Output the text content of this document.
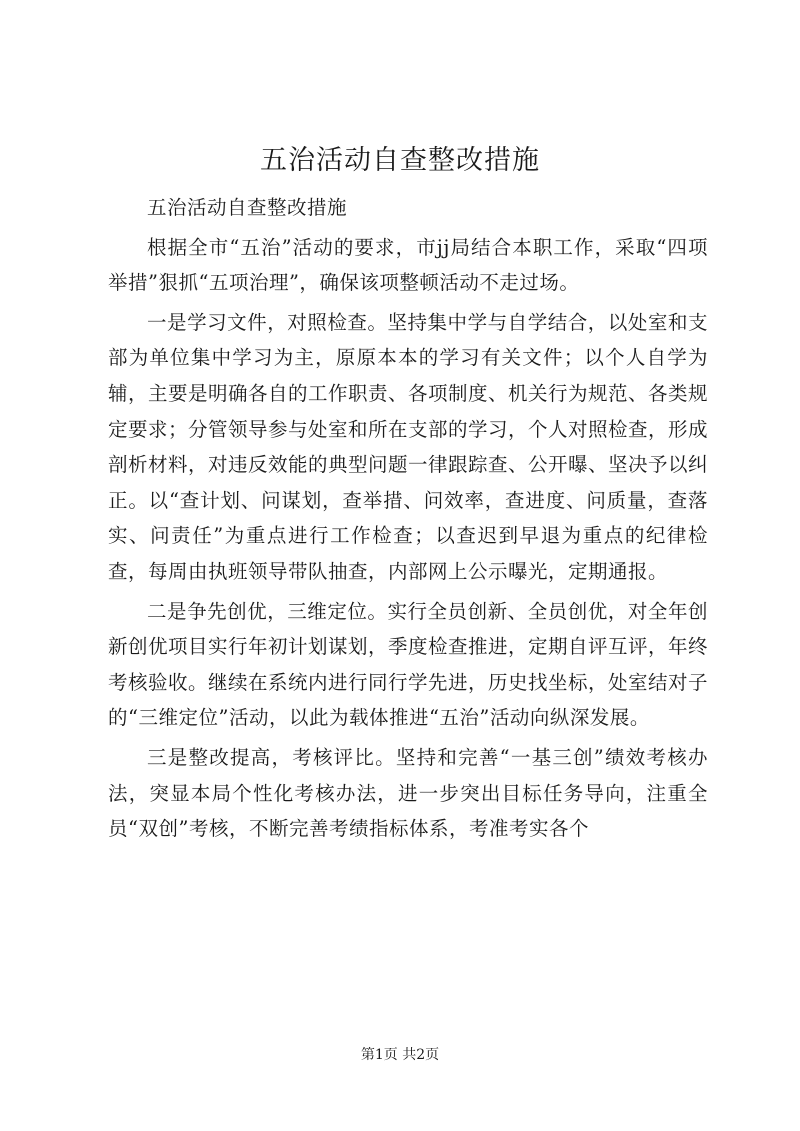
五治活动自查整改措施

五治活动自查整改措施

根据全市“五治”活动的要求，市jj局结合本职工作，采取“四项举措”狠抓“五项治理”，确保该项整顿活动不走过场。

一是学习文件，对照检查。坚持集中学与自学结合，以处室和支部为单位集中学习为主，原原本本的学习有关文件；以个人自学为辅，主要是明确各自的工作职责、各项制度、机关行为规范、各类规定要求；分管领导参与处室和所在支部的学习，个人对照检查，形成剖析材料，对违反效能的典型问题一律跟踪查、公开曝、坚决予以纠正。以“查计划、问谋划，查举措、问效率，查进度、问质量，查落实、问责任”为重点进行工作检查；以查迟到早退为重点的纪律检查，每周由执班领导带队抽查，内部网上公示曝光，定期通报。

二是争先创优，三维定位。实行全员创新、全员创优，对全年创新创优项目实行年初计划谋划，季度检查推进，定期自评互评，年终考核验收。继续在系统内进行同行学先进，历史找坐标，处室结对子的“三维定位”活动，以此为载体推进“五治”活动向纵深发展。

三是整改提高，考核评比。坚持和完善“一基三创”绩效考核办法，突显本局个性化考核办法，进一步突出目标任务导向，注重全员“双创”考核，不断完善考绩指标体系，考准考实各个

第1页 共2页
